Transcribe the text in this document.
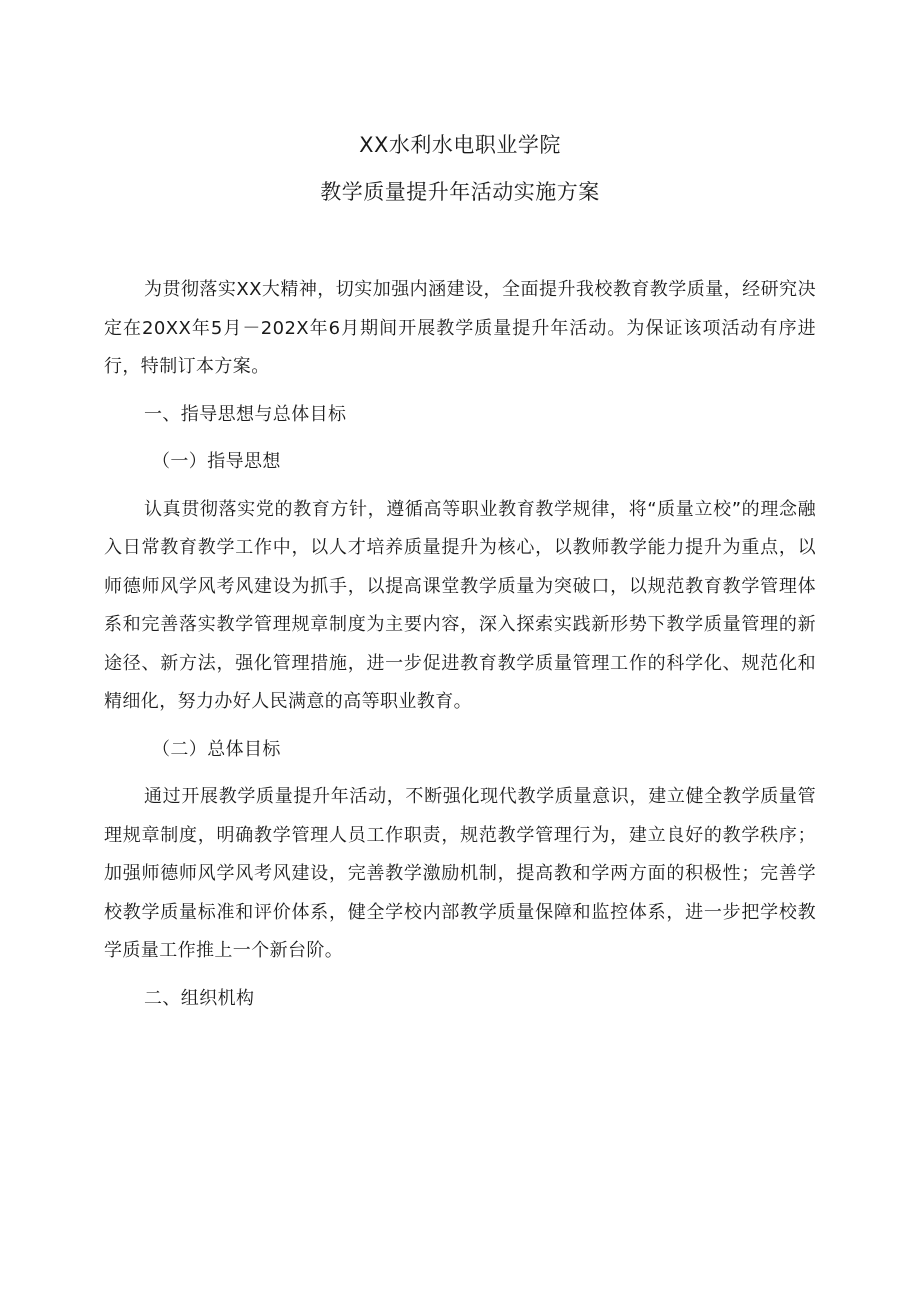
XX水利水电职业学院
教学质量提升年活动实施方案

为贯彻落实XX大精神，切实加强内涵建设，全面提升我校教育教学质量，经研究决定在20XX年5月－202X年6月期间开展教学质量提升年活动。为保证该项活动有序进行，特制订本方案。

一、指导思想与总体目标

（一）指导思想

认真贯彻落实党的教育方针，遵循高等职业教育教学规律，将“质量立校”的理念融入日常教育教学工作中，以人才培养质量提升为核心，以教师教学能力提升为重点，以师德师风学风考风建设为抓手，以提高课堂教学质量为突破口，以规范教育教学管理体系和完善落实教学管理规章制度为主要内容，深入探索实践新形势下教学质量管理的新途径、新方法，强化管理措施，进一步促进教育教学质量管理工作的科学化、规范化和精细化，努力办好人民满意的高等职业教育。

（二）总体目标

通过开展教学质量提升年活动，不断强化现代教学质量意识，建立健全教学质量管理规章制度，明确教学管理人员工作职责，规范教学管理行为，建立良好的教学秩序；加强师德师风学风考风建设，完善教学激励机制，提高教和学两方面的积极性；完善学校教学质量标准和评价体系，健全学校内部教学质量保障和监控体系，进一步把学校教学质量工作推上一个新台阶。

二、组织机构
